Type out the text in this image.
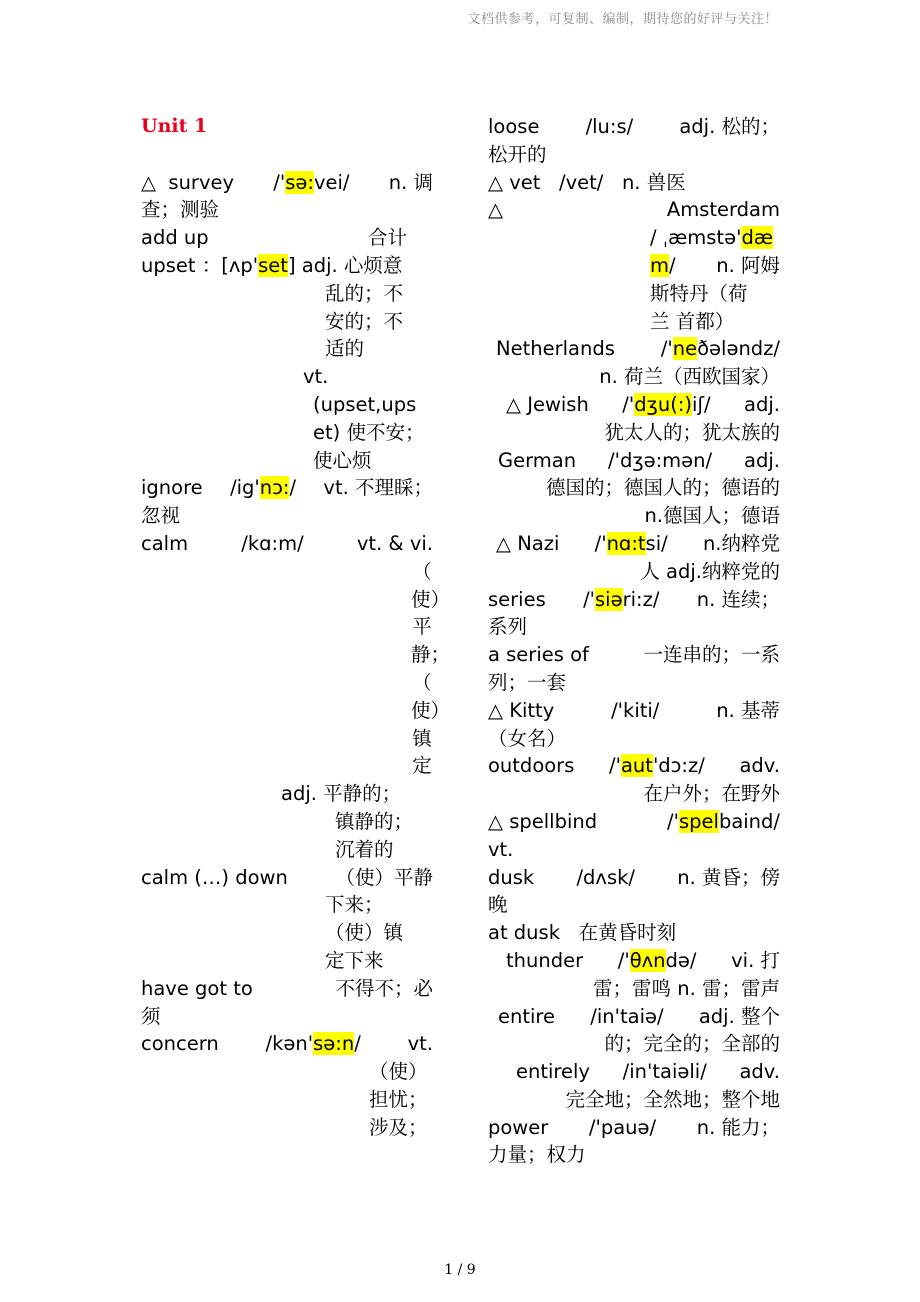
文档供参考，可复制、编制，期待您的好评与关注！
Unit 1
△ survey /'sə:vei/ n. 调
查；测验
add up	合计
upset ：[ʌp'set] adj. 心烦意
乱的；不
安的；不
适的
vt.
(upset,ups
et) 使不安；
使心烦
ignore /ig'nɔ:/ vt. 不理睬；
忽视
calm	/kɑ:m/	vt. & vi.
（
使）
平
静；
（
使）
镇
定
adj. 平静的；
镇静的；
沉着的
calm (…) down （使）平静
下来；
（使）镇
定下来
have got to	不得不；必
须
concern /kən'sə:n/ vt.
（使）
担忧；
涉及；
loose /lu:s/ adj. 松的；
松开的
△ vet /vet/ n. 兽医
△	Amsterdam
/ ˌæmstə'dæ
m/ n. 阿姆
斯特丹（荷
兰 首都）
Netherlands /'neðələndz/
n. 荷兰（西欧国家）
△ Jewish /'dʒu(:)iʃ/ adj.
犹太人的；犹太族的
German /'dʒə:mən/ adj.
德国的；德国人的；德语的
n.德国人；德语
△ Nazi /'nɑ:tsi/ n.纳粹党
人 adj.纳粹党的
series /'siəri:z/ n. 连续；
系列
a series of	一连串的；一系
列；一套
△ Kitty	/'kiti/	n. 基蒂
（女名）
outdoors /'aut'dɔ:z/ adv.
在户外；在野外
△ spellbind	/'spelbaind/
vt.
dusk /dʌsk/ n. 黄昏；傍
晚
at dusk 在黄昏时刻
thunder /'θʌndə/ vi. 打
雷；雷鸣 n. 雷；雷声
entire /in'taiə/ adj. 整个
的；完全的；全部的
entirely /in'taiəli/ adv.
完全地；全然地；整个地
power /'pauə/ n. 能力；
力量；权力
1 / 9
